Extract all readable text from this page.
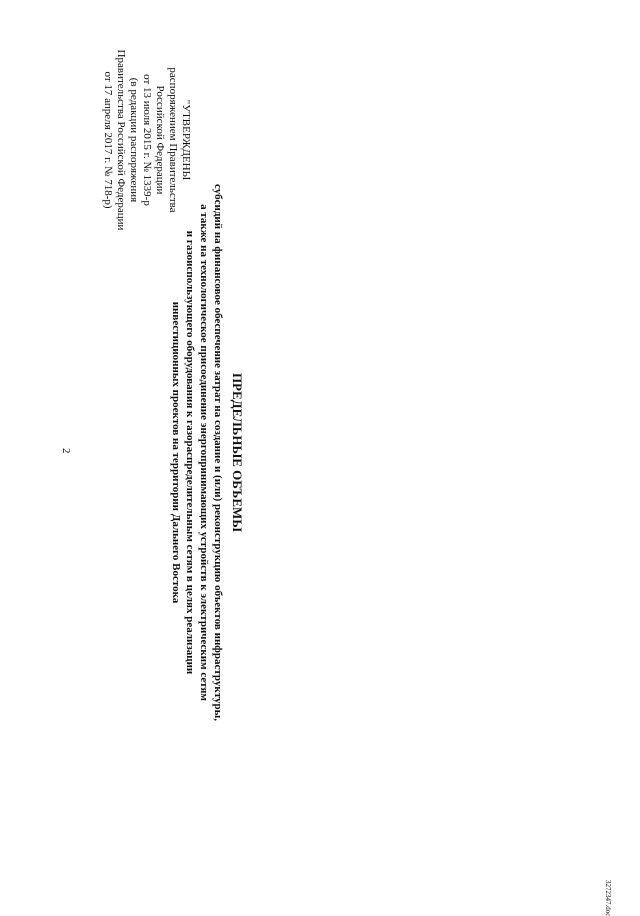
2
"УТВЕРЖДЕНЫ
распоряжением Правительства
Российской Федерации
от 13 июля 2015 г. № 1339-р
(в редакции распоряжения
Правительства Российской Федерации
от 17 апреля 2017 г. № 718-р)
ПРЕДЕЛЬНЫЕ ОБЪЕМЫ
субсидий на финансовое обеспечение затрат на создание и (или) реконструкцию объектов инфраструктуры,
а также на технологическое присоединение энергопринимающих устройств к электрическим сетям
и газоиспользующего оборудования к газораспределительным сетям в целях реализации
инвестиционных проектов на территории Дальнего Востока
3272347.doc
